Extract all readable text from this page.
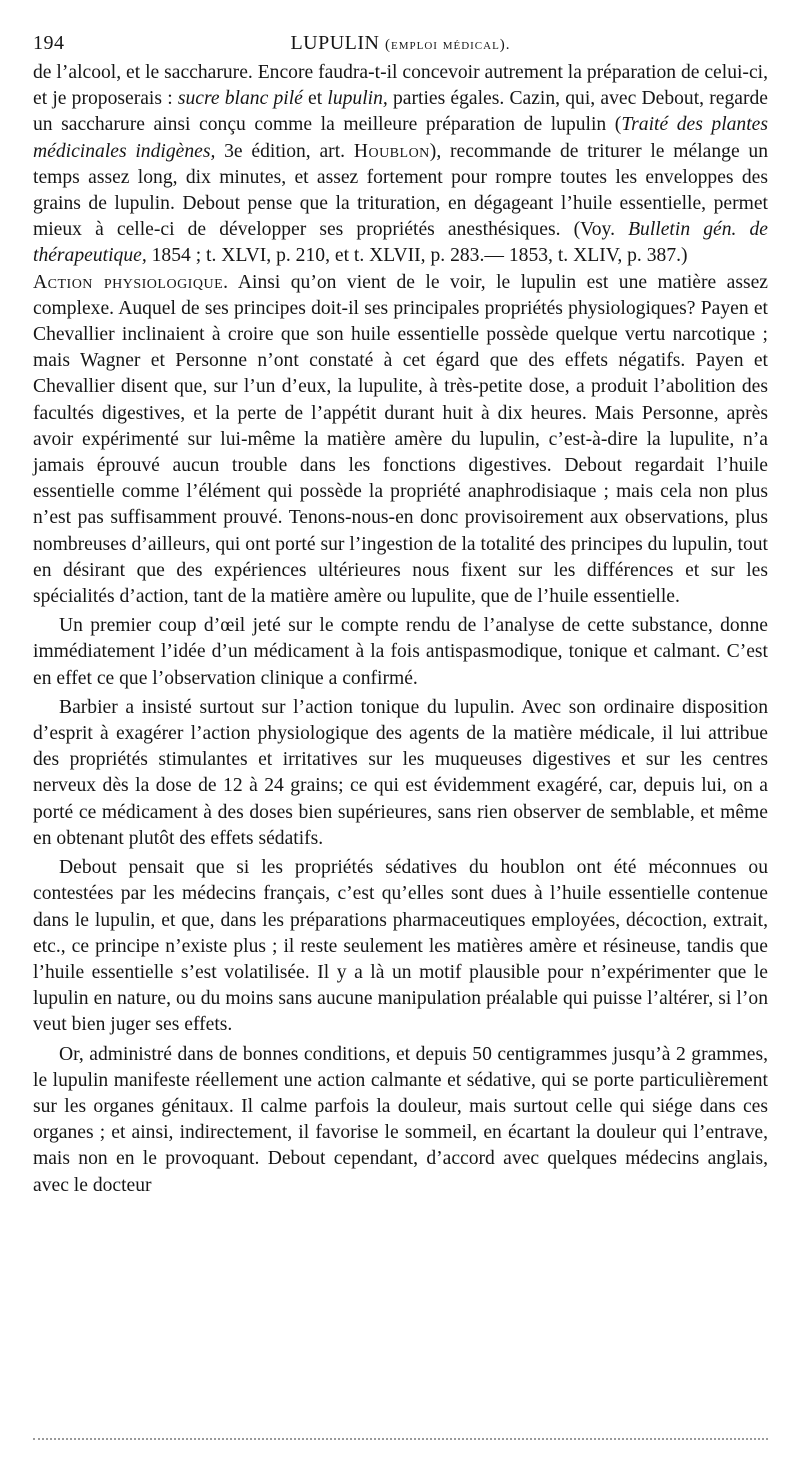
194	LUPULIN (emploi médical).

de l’alcool, et le saccharure. Encore faudra-t-il concevoir autrement la préparation de celui-ci, et je proposerais : sucre blanc pilé et lupulin, parties égales. Cazin, qui, avec Debout, regarde un saccharure ainsi conçu comme la meilleure préparation de lupulin (Traité des plantes médicinales indigènes, 3e édition, art. Houblon), recommande de triturer le mélange un temps assez long, dix minutes, et assez fortement pour rompre toutes les enveloppes des grains de lupulin. Debout pense que la trituration, en dégageant l’huile essentielle, permet mieux à celle-ci de développer ses propriétés anesthésiques. (Voy. Bulletin gén. de thérapeutique, 1854 ; t. XLVI, p. 210, et t. XLVII, p. 283.— 1853, t. XLIV, p. 387.)

Action physiologique. Ainsi qu’on vient de le voir, le lupulin est une matière assez complexe. Auquel de ses principes doit-il ses principales propriétés physiologiques? Payen et Chevallier inclinaient à croire que son huile essentielle possède quelque vertu narcotique ; mais Wagner et Personne n’ont constaté à cet égard que des effets négatifs. Payen et Chevallier disent que, sur l’un d’eux, la lupulite, à très-petite dose, a produit l’abolition des facultés digestives, et la perte de l’appétit durant huit à dix heures. Mais Personne, après avoir expérimenté sur lui-même la matière amère du lupulin, c’est-à-dire la lupulite, n’a jamais éprouvé aucun trouble dans les fonctions digestives. Debout regardait l’huile essentielle comme l’élément qui possède la propriété anaphrodisiaque ; mais cela non plus n’est pas suffisamment prouvé. Tenons-nous-en donc provisoirement aux observations, plus nombreuses d’ailleurs, qui ont porté sur l’ingestion de la totalité des principes du lupulin, tout en désirant que des expériences ultérieures nous fixent sur les différences et sur les spécialités d’action, tant de la matière amère ou lupulite, que de l’huile essentielle.

Un premier coup d’œil jeté sur le compte rendu de l’analyse de cette substance, donne immédiatement l’idée d’un médicament à la fois antispasmodique, tonique et calmant. C’est en effet ce que l’observation clinique a confirmé.

Barbier a insisté surtout sur l’action tonique du lupulin. Avec son ordinaire disposition d’esprit à exagérer l’action physiologique des agents de la matière médicale, il lui attribue des propriétés stimulantes et irritatives sur les muqueuses digestives et sur les centres nerveux dès la dose de 12 à 24 grains; ce qui est évidemment exagéré, car, depuis lui, on a porté ce médicament à des doses bien supérieures, sans rien observer de semblable, et même en obtenant plutôt des effets sédatifs.

Debout pensait que si les propriétés sédatives du houblon ont été méconnues ou contestées par les médecins français, c’est qu’elles sont dues à l’huile essentielle contenue dans le lupulin, et que, dans les préparations pharmaceutiques employées, décoction, extrait, etc., ce principe n’existe plus ; il reste seulement les matières amère et résineuse, tandis que l’huile essentielle s’est volatilisée. Il y a là un motif plausible pour n’expérimenter que le lupulin en nature, ou du moins sans aucune manipulation préalable qui puisse l’altérer, si l’on veut bien juger ses effets.

Or, administré dans de bonnes conditions, et depuis 50 centigrammes jusqu’à 2 grammes, le lupulin manifeste réellement une action calmante et sédative, qui se porte particulièrement sur les organes génitaux. Il calme parfois la douleur, mais surtout celle qui siége dans ces organes ; et ainsi, indirectement, il favorise le sommeil, en écartant la douleur qui l’entrave, mais non en le provoquant. Debout cependant, d’accord avec quelques médecins anglais, avec le docteur
